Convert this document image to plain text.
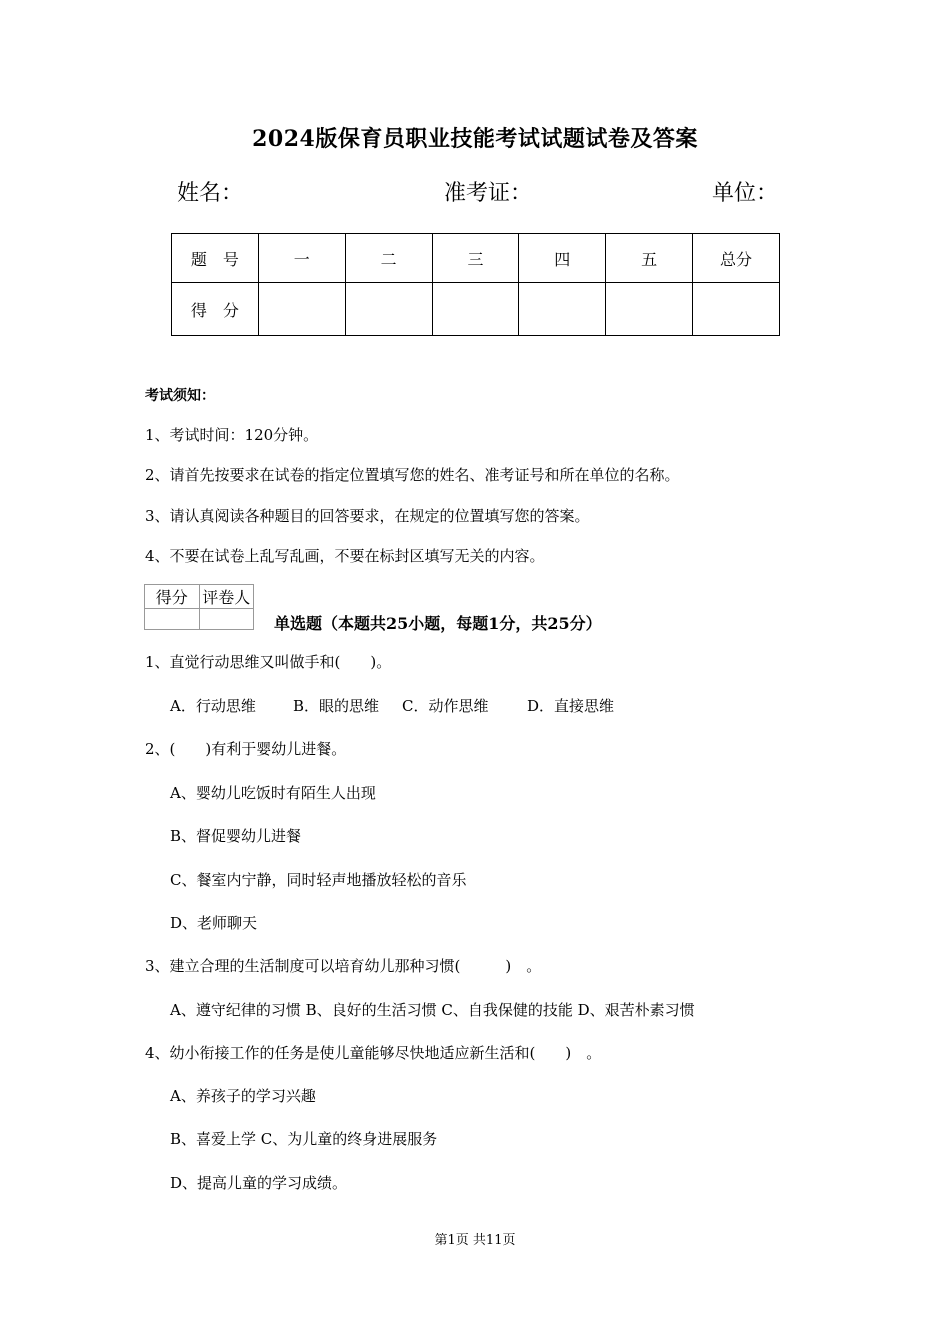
2024版保育员职业技能考试试题试卷及答案
姓名：	准考证：	单位：
题　号	一	二	三	四	五	总分
得　分						
考试须知：
1、考试时间：120分钟。
2、请首先按要求在试卷的指定位置填写您的姓名、准考证号和所在单位的名称。
3、请认真阅读各种题目的回答要求，在规定的位置填写您的答案。
4、不要在试卷上乱写乱画，不要在标封区填写无关的内容。
得分	评卷人

单选题（本题共25小题，每题1分，共25分）
1、直觉行动思维又叫做手和(　　)。
A．行动思维 B．眼的思维 C．动作思维	D．直接思维
2、(　　)有利于婴幼儿进餐。
A、婴幼儿吃饭时有陌生人出现
B、督促婴幼儿进餐
C、餐室内宁静，同时轻声地播放轻松的音乐
D、老师聊天
3、建立合理的生活制度可以培育幼儿那种习惯(　　　)　。
A、遵守纪律的习惯 B、良好的生活习惯 C、自我保健的技能 D、艰苦朴素习惯
4、幼小衔接工作的任务是使儿童能够尽快地适应新生活和(　　)　。
A、养孩子的学习兴趣
B、喜爱上学 C、为儿童的终身进展服务
D、提高儿童的学习成绩。
第1页 共11页
